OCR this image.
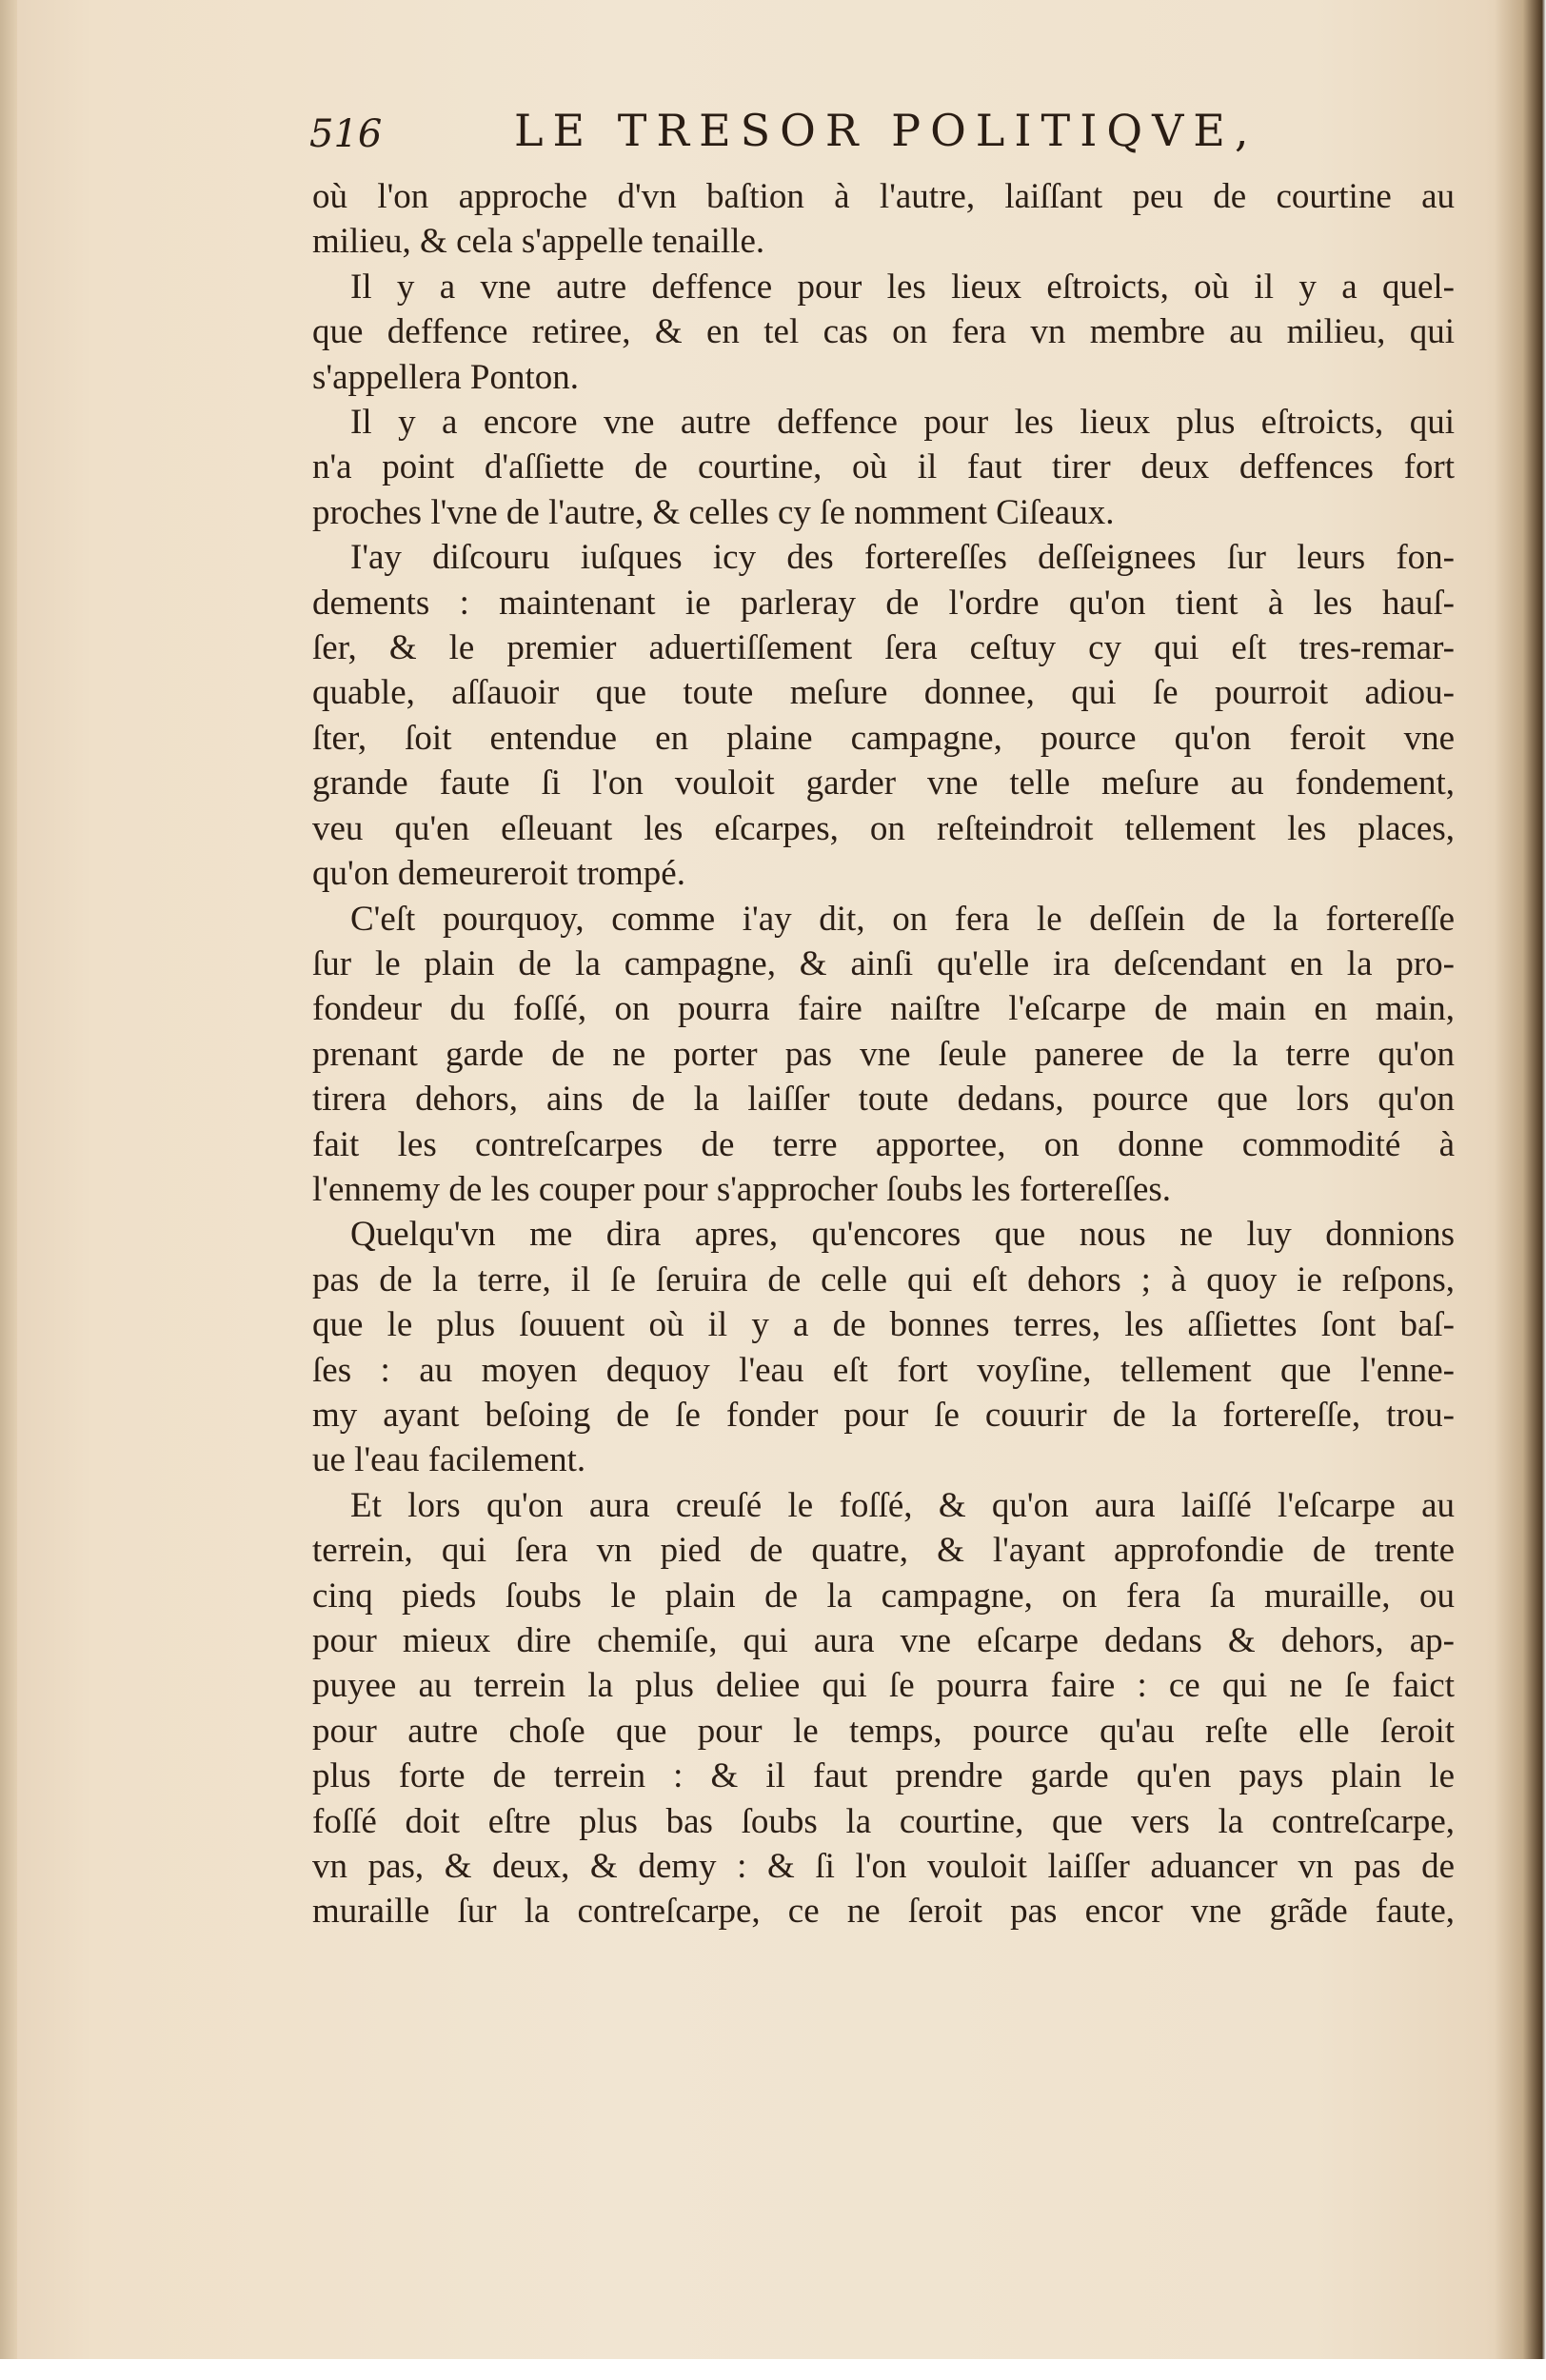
516	LE TRESOR POLITIQVE,
où l'on approche d'vn baſtion à l'autre, laiſſant peu de courtine au
milieu, & cela s'appelle tenaille.
Il y a vne autre deffence pour les lieux eſtroicts, où il y a quel-
que deffence retiree, & en tel cas on fera vn membre au milieu, qui
s'appellera Ponton.
Il y a encore vne autre deffence pour les lieux plus eſtroicts, qui
n'a point d'aſſiette de courtine, où il faut tirer deux deffences fort
proches l'vne de l'autre, & celles cy ſe nomment Ciſeaux.
I'ay diſcouru iuſques icy des fortereſſes deſſeignees ſur leurs fon-
dements : maintenant ie parleray de l'ordre qu'on tient à les hauſ-
ſer, & le premier aduertiſſement ſera ceſtuy cy qui eſt tres-remar-
quable, aſſauoir que toute meſure donnee, qui ſe pourroit adiou-
ſter, ſoit entendue en plaine campagne, pource qu'on feroit vne
grande faute ſi l'on vouloit garder vne telle meſure au fondement,
veu qu'en eſleuant les eſcarpes, on reſteindroit tellement les places,
qu'on demeureroit trompé.
C'eſt pourquoy, comme i'ay dit, on fera le deſſein de la fortereſſe
ſur le plain de la campagne, & ainſi qu'elle ira deſcendant en la pro-
fondeur du foſſé, on pourra faire naiſtre l'eſcarpe de main en main,
prenant garde de ne porter pas vne ſeule paneree de la terre qu'on
tirera dehors, ains de la laiſſer toute dedans, pource que lors qu'on
fait les contreſcarpes de terre apportee, on donne commodité à
l'ennemy de les couper pour s'approcher ſoubs les fortereſſes.
Quelqu'vn me dira apres, qu'encores que nous ne luy donnions
pas de la terre, il ſe ſeruira de celle qui eſt dehors ; à quoy ie reſpons,
que le plus ſouuent où il y a de bonnes terres, les aſſiettes ſont baſ-
ſes : au moyen dequoy l'eau eſt fort voyſine, tellement que l'enne-
my ayant beſoing de ſe fonder pour ſe couurir de la fortereſſe, trou-
ue l'eau facilement.
Et lors qu'on aura creuſé le foſſé, & qu'on aura laiſſé l'eſcarpe au
terrein, qui ſera vn pied de quatre, & l'ayant approfondie de trente
cinq pieds ſoubs le plain de la campagne, on fera ſa muraille, ou
pour mieux dire chemiſe, qui aura vne eſcarpe dedans & dehors, ap-
puyee au terrein la plus deliee qui ſe pourra faire : ce qui ne ſe faict
pour autre choſe que pour le temps, pource qu'au reſte elle ſeroit
plus forte de terrein : & il faut prendre garde qu'en pays plain le
foſſé doit eſtre plus bas ſoubs la courtine, que vers la contreſcarpe,
vn pas, & deux, & demy : & ſi l'on vouloit laiſſer aduancer vn pas de
muraille ſur la contreſcarpe, ce ne ſeroit pas encor vne grãde faute,
